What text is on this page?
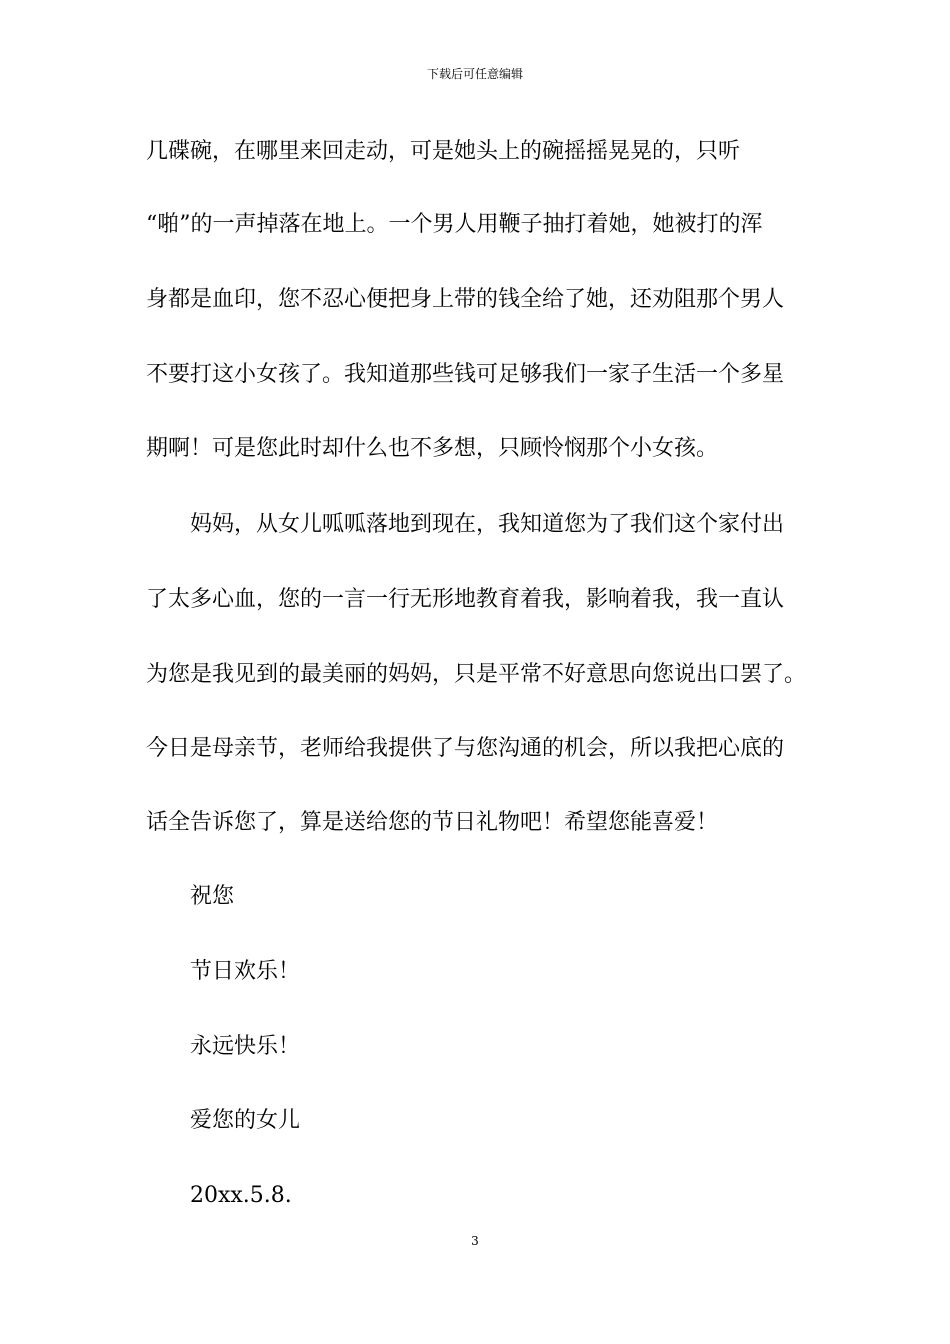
下载后可任意编辑
几碟碗，在哪里来回走动，可是她头上的碗摇摇晃晃的，只听
“啪”的一声掉落在地上。一个男人用鞭子抽打着她，她被打的浑
身都是血印，您不忍心便把身上带的钱全给了她，还劝阻那个男人
不要打这小女孩了。我知道那些钱可足够我们一家子生活一个多星
期啊！可是您此时却什么也不多想，只顾怜悯那个小女孩。
妈妈，从女儿呱呱落地到现在，我知道您为了我们这个家付出
了太多心血，您的一言一行无形地教育着我，影响着我，我一直认
为您是我见到的最美丽的妈妈，只是平常不好意思向您说出口罢了。
今日是母亲节，老师给我提供了与您沟通的机会，所以我把心底的
话全告诉您了，算是送给您的节日礼物吧！希望您能喜爱！
祝您
节日欢乐！
永远快乐！
爱您的女儿
20xx.5.8.
3
